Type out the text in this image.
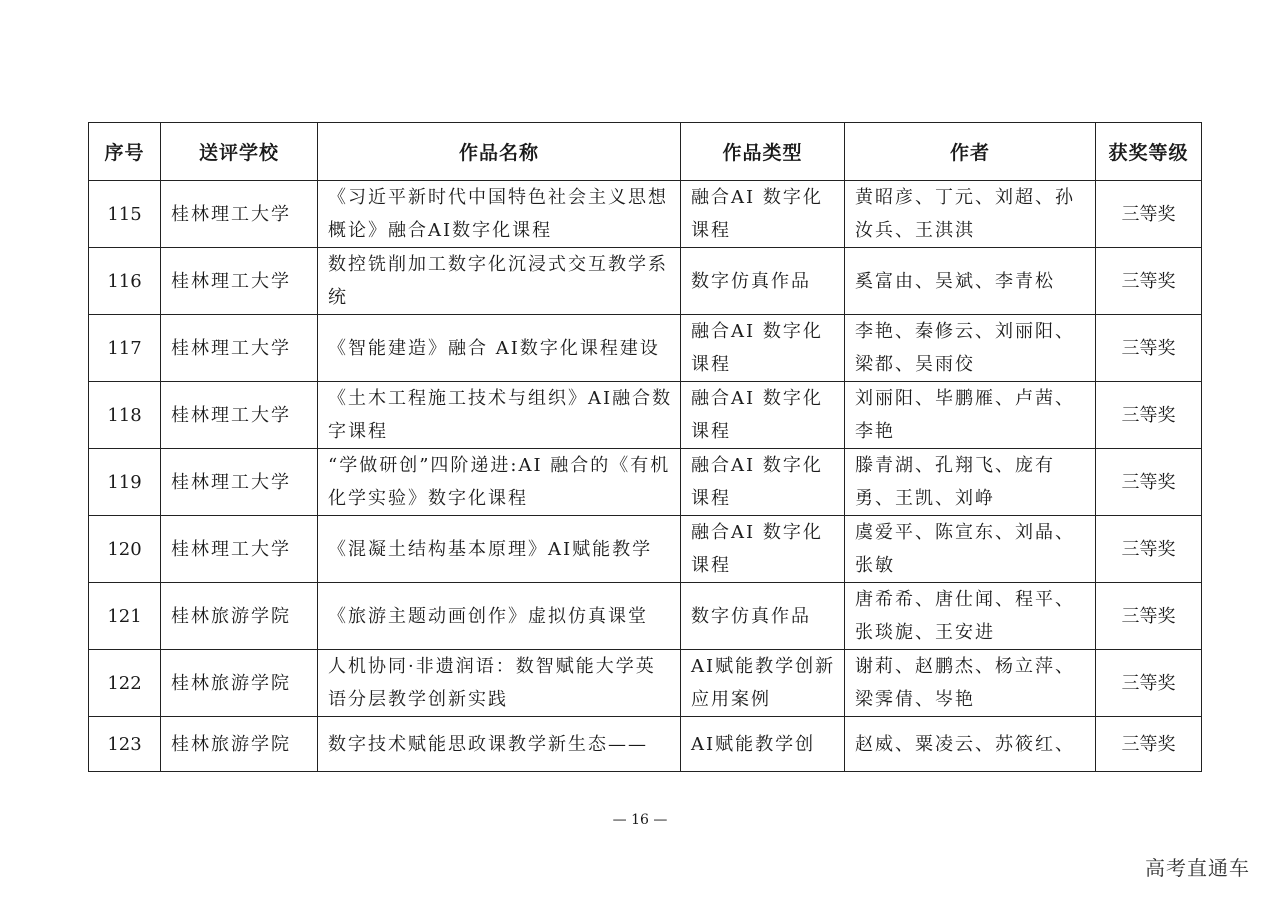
序号	送评学校	作品名称	作品类型	作者	获奖等级
115	桂林理工大学	《习近平新时代中国特色社会主义思想概论》融合AI数字化课程	融合AI 数字化课程	黄昭彦、丁元、刘超、孙汝兵、王淇淇	三等奖
116	桂林理工大学	数控铣削加工数字化沉浸式交互教学系统	数字仿真作品	奚富由、吴斌、李青松	三等奖
117	桂林理工大学	《智能建造》融合 AI数字化课程建设	融合AI 数字化课程	李艳、秦修云、刘丽阳、梁都、吴雨佼	三等奖
118	桂林理工大学	《土木工程施工技术与组织》AI融合数字课程	融合AI 数字化课程	刘丽阳、毕鹏雁、卢茜、李艳	三等奖
119	桂林理工大学	“学做研创”四阶递进:AI 融合的《有机化学实验》数字化课程	融合AI 数字化课程	滕青湖、孔翔飞、庞有勇、王凯、刘峥	三等奖
120	桂林理工大学	《混凝土结构基本原理》AI赋能教学	融合AI 数字化课程	虞爱平、陈宣东、刘晶、张敏	三等奖
121	桂林旅游学院	《旅游主题动画创作》虚拟仿真课堂	数字仿真作品	唐希希、唐仕闻、程平、张琰旎、王安进	三等奖
122	桂林旅游学院	人机协同·非遗润语：数智赋能大学英语分层教学创新实践	AI赋能教学创新应用案例	谢莉、赵鹏杰、杨立萍、梁霁倩、岑艳	三等奖
123	桂林旅游学院	数字技术赋能思政课教学新生态——	AI赋能教学创	赵威、粟凌云、苏筱红、	三等奖
— 16 —
高考直通车
